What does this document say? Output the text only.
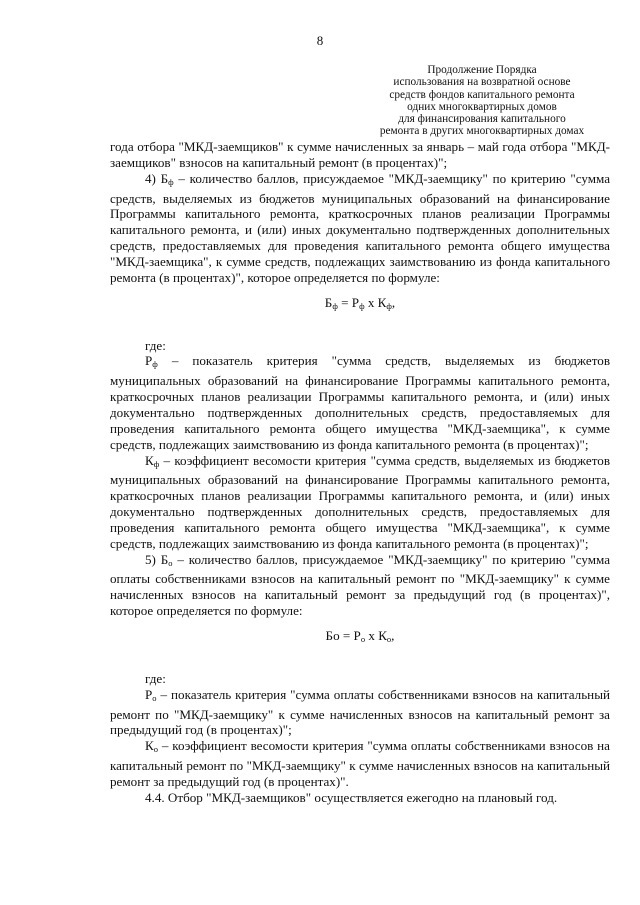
8
Продолжение Порядка
использования на возвратной основе
средств фондов капитального ремонта
одних многоквартирных домов
для финансирования капитального
ремонта в других многоквартирных домах

года отбора "МКД-заемщиков" к сумме начисленных за январь – май года отбора "МКД-заемщиков" взносов на капитальный ремонт (в процентах)";

4) Бф – количество баллов, присуждаемое "МКД-заемщику" по критерию "сумма средств, выделяемых из бюджетов муниципальных образований на финансирование Программы капитального ремонта, краткосрочных планов реализации Программы капитального ремонта, и (или) иных документально подтвержденных дополнительных средств, предоставляемых для проведения капитального ремонта общего имущества "МКД-заемщика", к сумме средств, подлежащих заимствованию из фонда капитального ремонта (в процентах)", которое определяется по формуле:

$Б_ф = Р_ф$ х $К_ф$,

где:

Рф – показатель критерия "сумма средств, выделяемых из бюджетов муниципальных образований на финансирование Программы капитального ремонта, краткосрочных планов реализации Программы капитального ремонта, и (или) иных документально подтвержденных дополнительных средств, предоставляемых для проведения капитального ремонта общего имущества "МКД-заемщика", к сумме средств, подлежащих заимствованию из фонда капитального ремонта (в процентах)";

Кф – коэффициент весомости критерия "сумма средств, выделяемых из бюджетов муниципальных образований на финансирование Программы капитального ремонта, краткосрочных планов реализации Программы капитального ремонта, и (или) иных документально подтвержденных дополнительных средств, предоставляемых для проведения капитального ремонта общего имущества "МКД-заемщика", к сумме средств, подлежащих заимствованию из фонда капитального ремонта (в процентах)";

5) Бо – количество баллов, присуждаемое "МКД-заемщику" по критерию "сумма оплаты собственниками взносов на капитальный ремонт по "МКД-заемщику" к сумме начисленных взносов на капитальный ремонт за предыдущий год (в процентах)", которое определяется по формуле:

Бо = $Р_о$ х $К_о$,

где:

Ро – показатель критерия "сумма оплаты собственниками взносов на капитальный ремонт по "МКД-заемщику" к сумме начисленных взносов на капитальный ремонт за предыдущий год (в процентах)";

Ко – коэффициент весомости критерия "сумма оплаты собственниками взносов на капитальный ремонт по "МКД-заемщику" к сумме начисленных взносов на капитальный ремонт за предыдущий год (в процентах)".

4.4. Отбор "МКД-заемщиков" осуществляется ежегодно на плановый год.
